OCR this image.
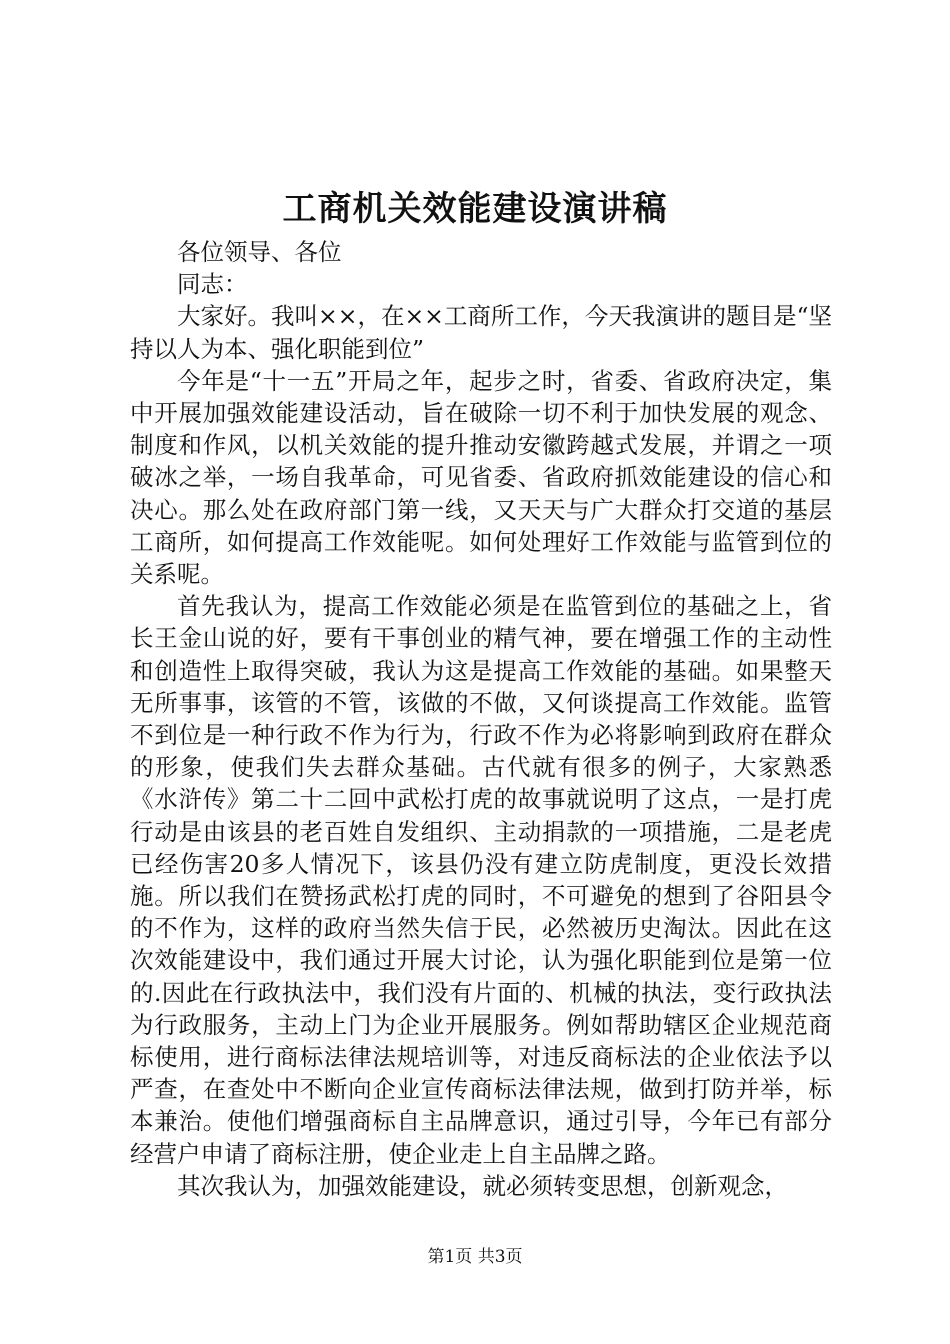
工商机关效能建设演讲稿

各位领导、各位

同志：

大家好。我叫××，在××工商所工作，今天我演讲的题目是“坚持以人为本、强化职能到位”

今年是“十一五”开局之年，起步之时，省委、省政府决定，集中开展加强效能建设活动，旨在破除一切不利于加快发展的观念、制度和作风，以机关效能的提升推动安徽跨越式发展，并谓之一项破冰之举，一场自我革命，可见省委、省政府抓效能建设的信心和决心。那么处在政府部门第一线，又天天与广大群众打交道的基层工商所，如何提高工作效能呢。如何处理好工作效能与监管到位的关系呢。

首先我认为，提高工作效能必须是在监管到位的基础之上，省长王金山说的好，要有干事创业的精气神，要在增强工作的主动性和创造性上取得突破，我认为这是提高工作效能的基础。如果整天无所事事，该管的不管，该做的不做，又何谈提高工作效能。监管不到位是一种行政不作为行为，行政不作为必将影响到政府在群众的形象，使我们失去群众基础。古代就有很多的例子，大家熟悉《水浒传》第二十二回中武松打虎的故事就说明了这点，一是打虎行动是由该县的老百姓自发组织、主动捐款的一项措施，二是老虎已经伤害20多人情况下，该县仍没有建立防虎制度，更没长效措施。所以我们在赞扬武松打虎的同时，不可避免的想到了谷阳县令的不作为，这样的政府当然失信于民，必然被历史淘汰。因此在这次效能建设中，我们通过开展大讨论，认为强化职能到位是第一位的.因此在行政执法中，我们没有片面的、机械的执法，变行政执法为行政服务，主动上门为企业开展服务。例如帮助辖区企业规范商标使用，进行商标法律法规培训等，对违反商标法的企业依法予以严查，在查处中不断向企业宣传商标法律法规，做到打防并举，标本兼治。使他们增强商标自主品牌意识，通过引导，今年已有部分经营户申请了商标注册，使企业走上自主品牌之路。

其次我认为，加强效能建设，就必须转变思想，创新观念，

第1页 共3页
